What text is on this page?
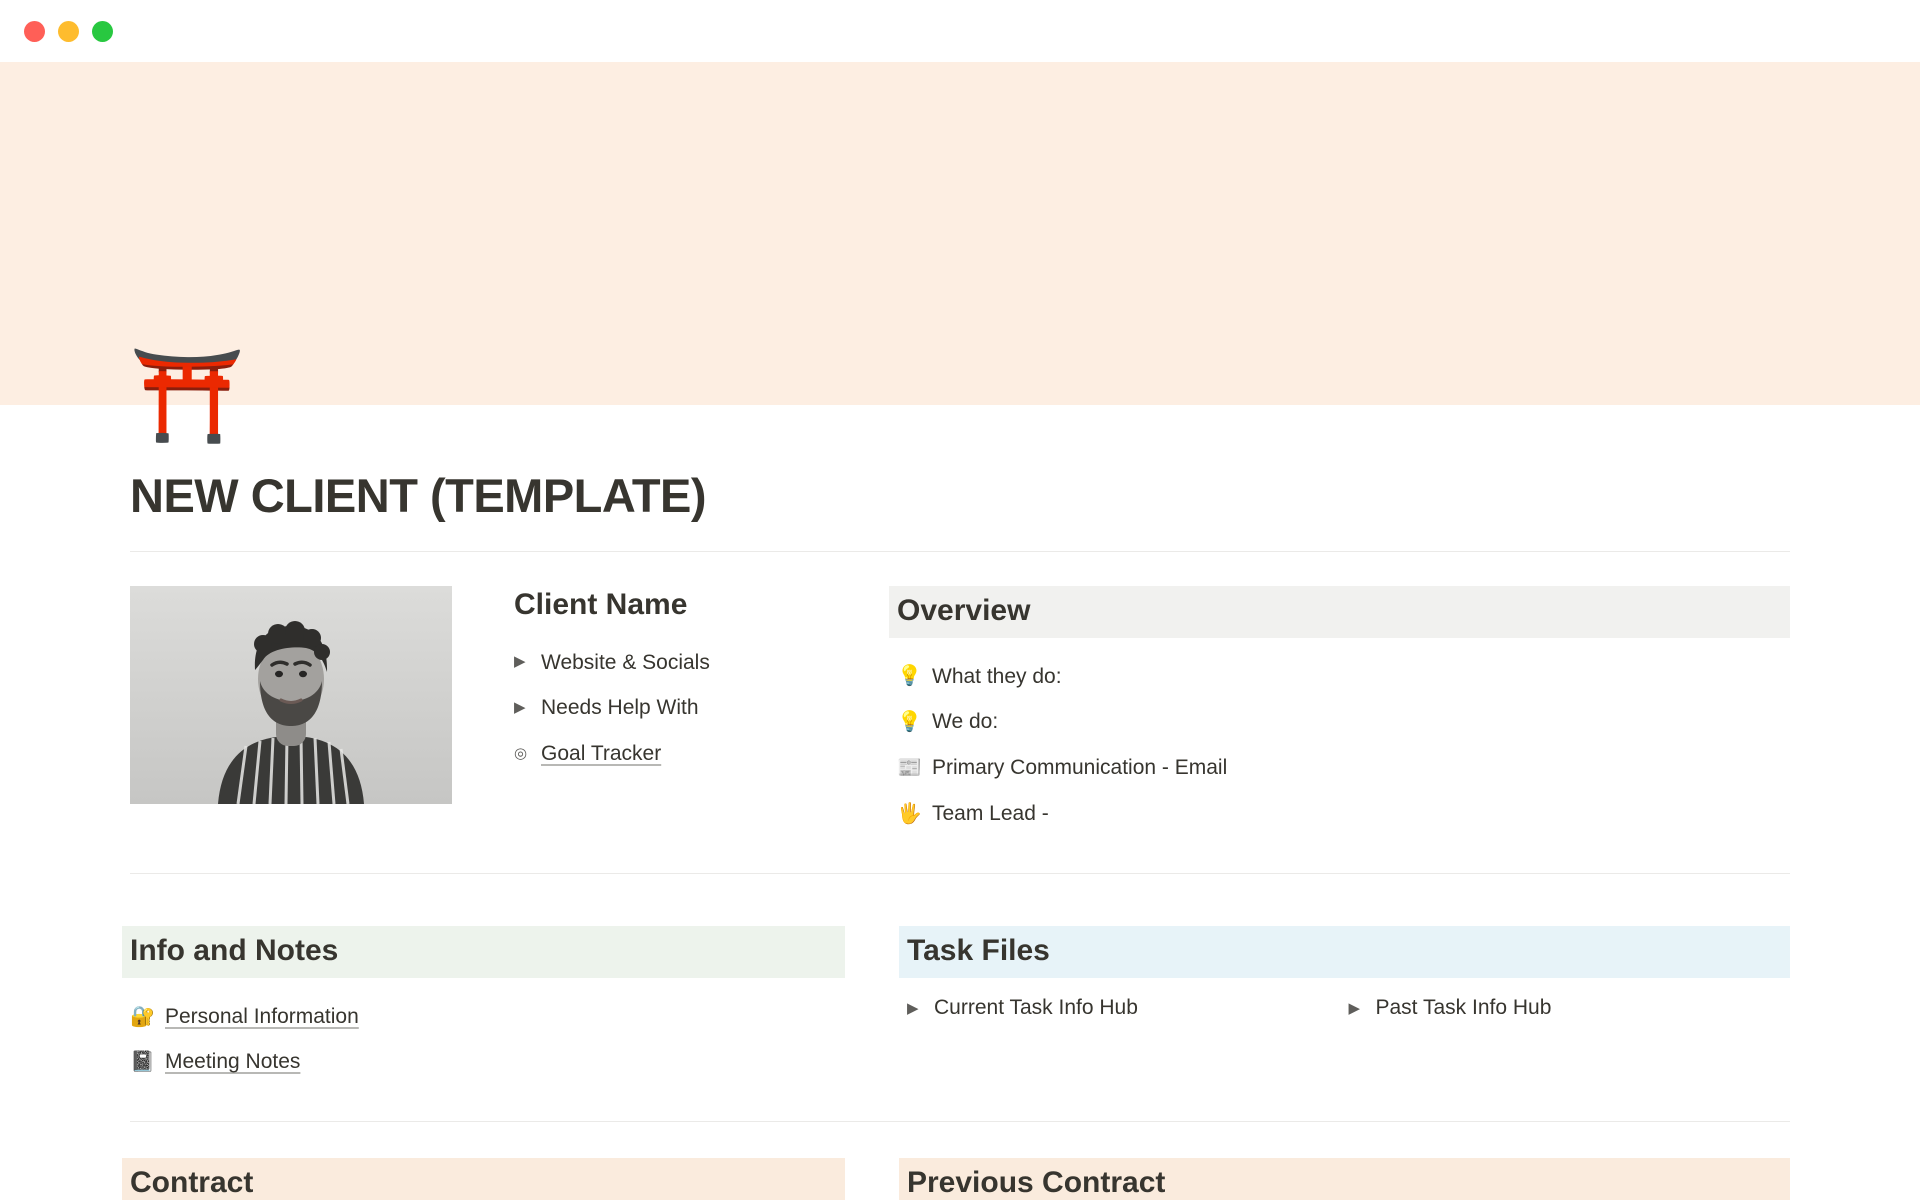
⛩️
NEW CLIENT (TEMPLATE)
Client Name
▶ Website & Socials
▶ Needs Help With
◎ Goal Tracker
Overview
💡 What they do:
💡 We do:
📰 Primary Communication - Email
🖐 Team Lead -
Info and Notes
🔐 Personal Information
📓 Meeting Notes
Task Files
▶ Current Task Info Hub	▶ Past Task Info Hub
Contract	Previous Contract
